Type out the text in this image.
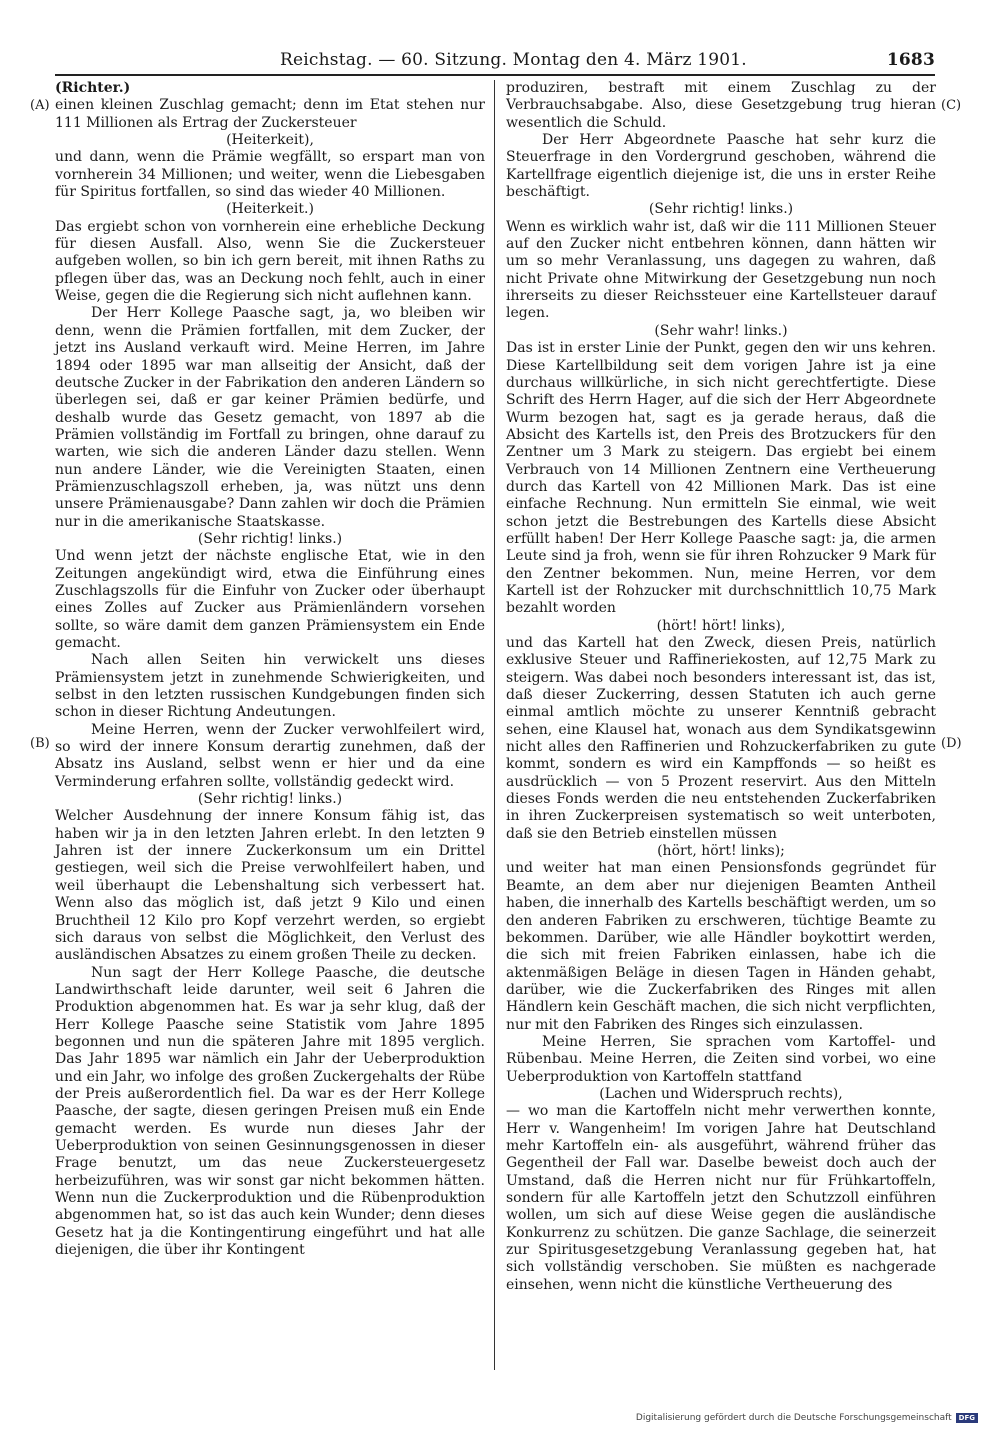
Reichstag. — 60. Sitzung. Montag den 4. März 1901.	1683
(A)
(B)
(C)
(D)

(Richter.)

einen kleinen Zuschlag gemacht; denn im Etat stehen nur 111 Millionen als Ertrag der Zuckersteuer

(Heiterkeit),

und dann, wenn die Prämie wegfällt, so erspart man von vornherein 34 Millionen; und weiter, wenn die Liebesgaben für Spiritus fortfallen, so sind das wieder 40 Millionen.

(Heiterkeit.)

Das ergiebt schon von vornherein eine erhebliche Deckung für diesen Ausfall. Also, wenn Sie die Zuckersteuer aufgeben wollen, so bin ich gern bereit, mit ihnen Raths zu pflegen über das, was an Deckung noch fehlt, auch in einer Weise, gegen die die Regierung sich nicht auflehnen kann.

Der Herr Kollege Paasche sagt, ja, wo bleiben wir denn, wenn die Prämien fortfallen, mit dem Zucker, der jetzt ins Ausland verkauft wird. Meine Herren, im Jahre 1894 oder 1895 war man allseitig der Ansicht, daß der deutsche Zucker in der Fabrikation den anderen Ländern so überlegen sei, daß er gar keiner Prämien bedürfe, und deshalb wurde das Gesetz gemacht, von 1897 ab die Prämien vollständig im Fortfall zu bringen, ohne darauf zu warten, wie sich die anderen Länder dazu stellen. Wenn nun andere Länder, wie die Vereinigten Staaten, einen Prämienzuschlagszoll erheben, ja, was nützt uns denn unsere Prämienausgabe? Dann zahlen wir doch die Prämien nur in die amerikanische Staatskasse.

(Sehr richtig! links.)

Und wenn jetzt der nächste englische Etat, wie in den Zeitungen angekündigt wird, etwa die Einführung eines Zuschlagszolls für die Einfuhr von Zucker oder überhaupt eines Zolles auf Zucker aus Prämienländern vorsehen sollte, so wäre damit dem ganzen Prämiensystem ein Ende gemacht.

Nach allen Seiten hin verwickelt uns dieses Prämiensystem jetzt in zunehmende Schwierigkeiten, und selbst in den letzten russischen Kundgebungen finden sich schon in dieser Richtung Andeutungen.

Meine Herren, wenn der Zucker verwohlfeilert wird, so wird der innere Konsum derartig zunehmen, daß der Absatz ins Ausland, selbst wenn er hier und da eine Verminderung erfahren sollte, vollständig gedeckt wird.

(Sehr richtig! links.)

Welcher Ausdehnung der innere Konsum fähig ist, das haben wir ja in den letzten Jahren erlebt. In den letzten 9 Jahren ist der innere Zuckerkonsum um ein Drittel gestiegen, weil sich die Preise verwohlfeilert haben, und weil überhaupt die Lebenshaltung sich verbessert hat. Wenn also das möglich ist, daß jetzt 9 Kilo und einen Bruchtheil 12 Kilo pro Kopf verzehrt werden, so ergiebt sich daraus von selbst die Möglichkeit, den Verlust des ausländischen Absatzes zu einem großen Theile zu decken.

Nun sagt der Herr Kollege Paasche, die deutsche Landwirthschaft leide darunter, weil seit 6 Jahren die Produktion abgenommen hat. Es war ja sehr klug, daß der Herr Kollege Paasche seine Statistik vom Jahre 1895 begonnen und nun die späteren Jahre mit 1895 verglich. Das Jahr 1895 war nämlich ein Jahr der Ueberproduktion und ein Jahr, wo infolge des großen Zuckergehalts der Rübe der Preis außerordentlich fiel. Da war es der Herr Kollege Paasche, der sagte, diesen geringen Preisen muß ein Ende gemacht werden. Es wurde nun dieses Jahr der Ueberproduktion von seinen Gesinnungsgenossen in dieser Frage benutzt, um das neue Zuckersteuergesetz herbeizuführen, was wir sonst gar nicht bekommen hätten. Wenn nun die Zuckerproduktion und die Rübenproduktion abgenommen hat, so ist das auch kein Wunder; denn dieses Gesetz hat ja die Kontingentirung eingeführt und hat alle diejenigen, die über ihr Kontingent

produziren, bestraft mit einem Zuschlag zu der Verbrauchsabgabe. Also, diese Gesetzgebung trug hieran wesentlich die Schuld.

Der Herr Abgeordnete Paasche hat sehr kurz die Steuerfrage in den Vordergrund geschoben, während die Kartellfrage eigentlich diejenige ist, die uns in erster Reihe beschäftigt.

(Sehr richtig! links.)

Wenn es wirklich wahr ist, daß wir die 111 Millionen Steuer auf den Zucker nicht entbehren können, dann hätten wir um so mehr Veranlassung, uns dagegen zu wahren, daß nicht Private ohne Mitwirkung der Gesetzgebung nun noch ihrerseits zu dieser Reichssteuer eine Kartellsteuer darauf legen.

(Sehr wahr! links.)

Das ist in erster Linie der Punkt, gegen den wir uns kehren. Diese Kartellbildung seit dem vorigen Jahre ist ja eine durchaus willkürliche, in sich nicht gerechtfertigte. Diese Schrift des Herrn Hager, auf die sich der Herr Abgeordnete Wurm bezogen hat, sagt es ja gerade heraus, daß die Absicht des Kartells ist, den Preis des Brotzuckers für den Zentner um 3 Mark zu steigern. Das ergiebt bei einem Verbrauch von 14 Millionen Zentnern eine Vertheuerung durch das Kartell von 42 Millionen Mark. Das ist eine einfache Rechnung. Nun ermitteln Sie einmal, wie weit schon jetzt die Bestrebungen des Kartells diese Absicht erfüllt haben! Der Herr Kollege Paasche sagt: ja, die armen Leute sind ja froh, wenn sie für ihren Rohzucker 9 Mark für den Zentner bekommen. Nun, meine Herren, vor dem Kartell ist der Rohzucker mit durchschnittlich 10,75 Mark bezahlt worden

(hört! hört! links),

und das Kartell hat den Zweck, diesen Preis, natürlich exklusive Steuer und Raffineriekosten, auf 12,75 Mark zu steigern. Was dabei noch besonders interessant ist, das ist, daß dieser Zuckerring, dessen Statuten ich auch gerne einmal amtlich möchte zu unserer Kenntniß gebracht sehen, eine Klausel hat, wonach aus dem Syndikatsgewinn nicht alles den Raffinerien und Rohzuckerfabriken zu gute kommt, sondern es wird ein Kampffonds — so heißt es ausdrücklich — von 5 Prozent reservirt. Aus den Mitteln dieses Fonds werden die neu entstehenden Zuckerfabriken in ihren Zuckerpreisen systematisch so weit unterboten, daß sie den Betrieb einstellen müssen

(hört, hört! links);

und weiter hat man einen Pensionsfonds gegründet für Beamte, an dem aber nur diejenigen Beamten Antheil haben, die innerhalb des Kartells beschäftigt werden, um so den anderen Fabriken zu erschweren, tüchtige Beamte zu bekommen. Darüber, wie alle Händler boykottirt werden, die sich mit freien Fabriken einlassen, habe ich die aktenmäßigen Beläge in diesen Tagen in Händen gehabt, darüber, wie die Zuckerfabriken des Ringes mit allen Händlern kein Geschäft machen, die sich nicht verpflichten, nur mit den Fabriken des Ringes sich einzulassen.

Meine Herren, Sie sprachen vom Kartoffel- und Rübenbau. Meine Herren, die Zeiten sind vorbei, wo eine Ueberproduktion von Kartoffeln stattfand

(Lachen und Widerspruch rechts),

— wo man die Kartoffeln nicht mehr verwerthen konnte, Herr v. Wangenheim! Im vorigen Jahre hat Deutschland mehr Kartoffeln ein- als ausgeführt, während früher das Gegentheil der Fall war. Daselbe beweist doch auch der Umstand, daß die Herren nicht nur für Frühkartoffeln, sondern für alle Kartoffeln jetzt den Schutzzoll einführen wollen, um sich auf diese Weise gegen die ausländische Konkurrenz zu schützen. Die ganze Sachlage, die seinerzeit zur Spiritusgesetzgebung Veranlassung gegeben hat, hat sich vollständig verschoben. Sie müßten es nachgerade einsehen, wenn nicht die künstliche Vertheuerung des

Digitalisierung gefördert durch die Deutsche Forschungsgemeinschaft	DFG
